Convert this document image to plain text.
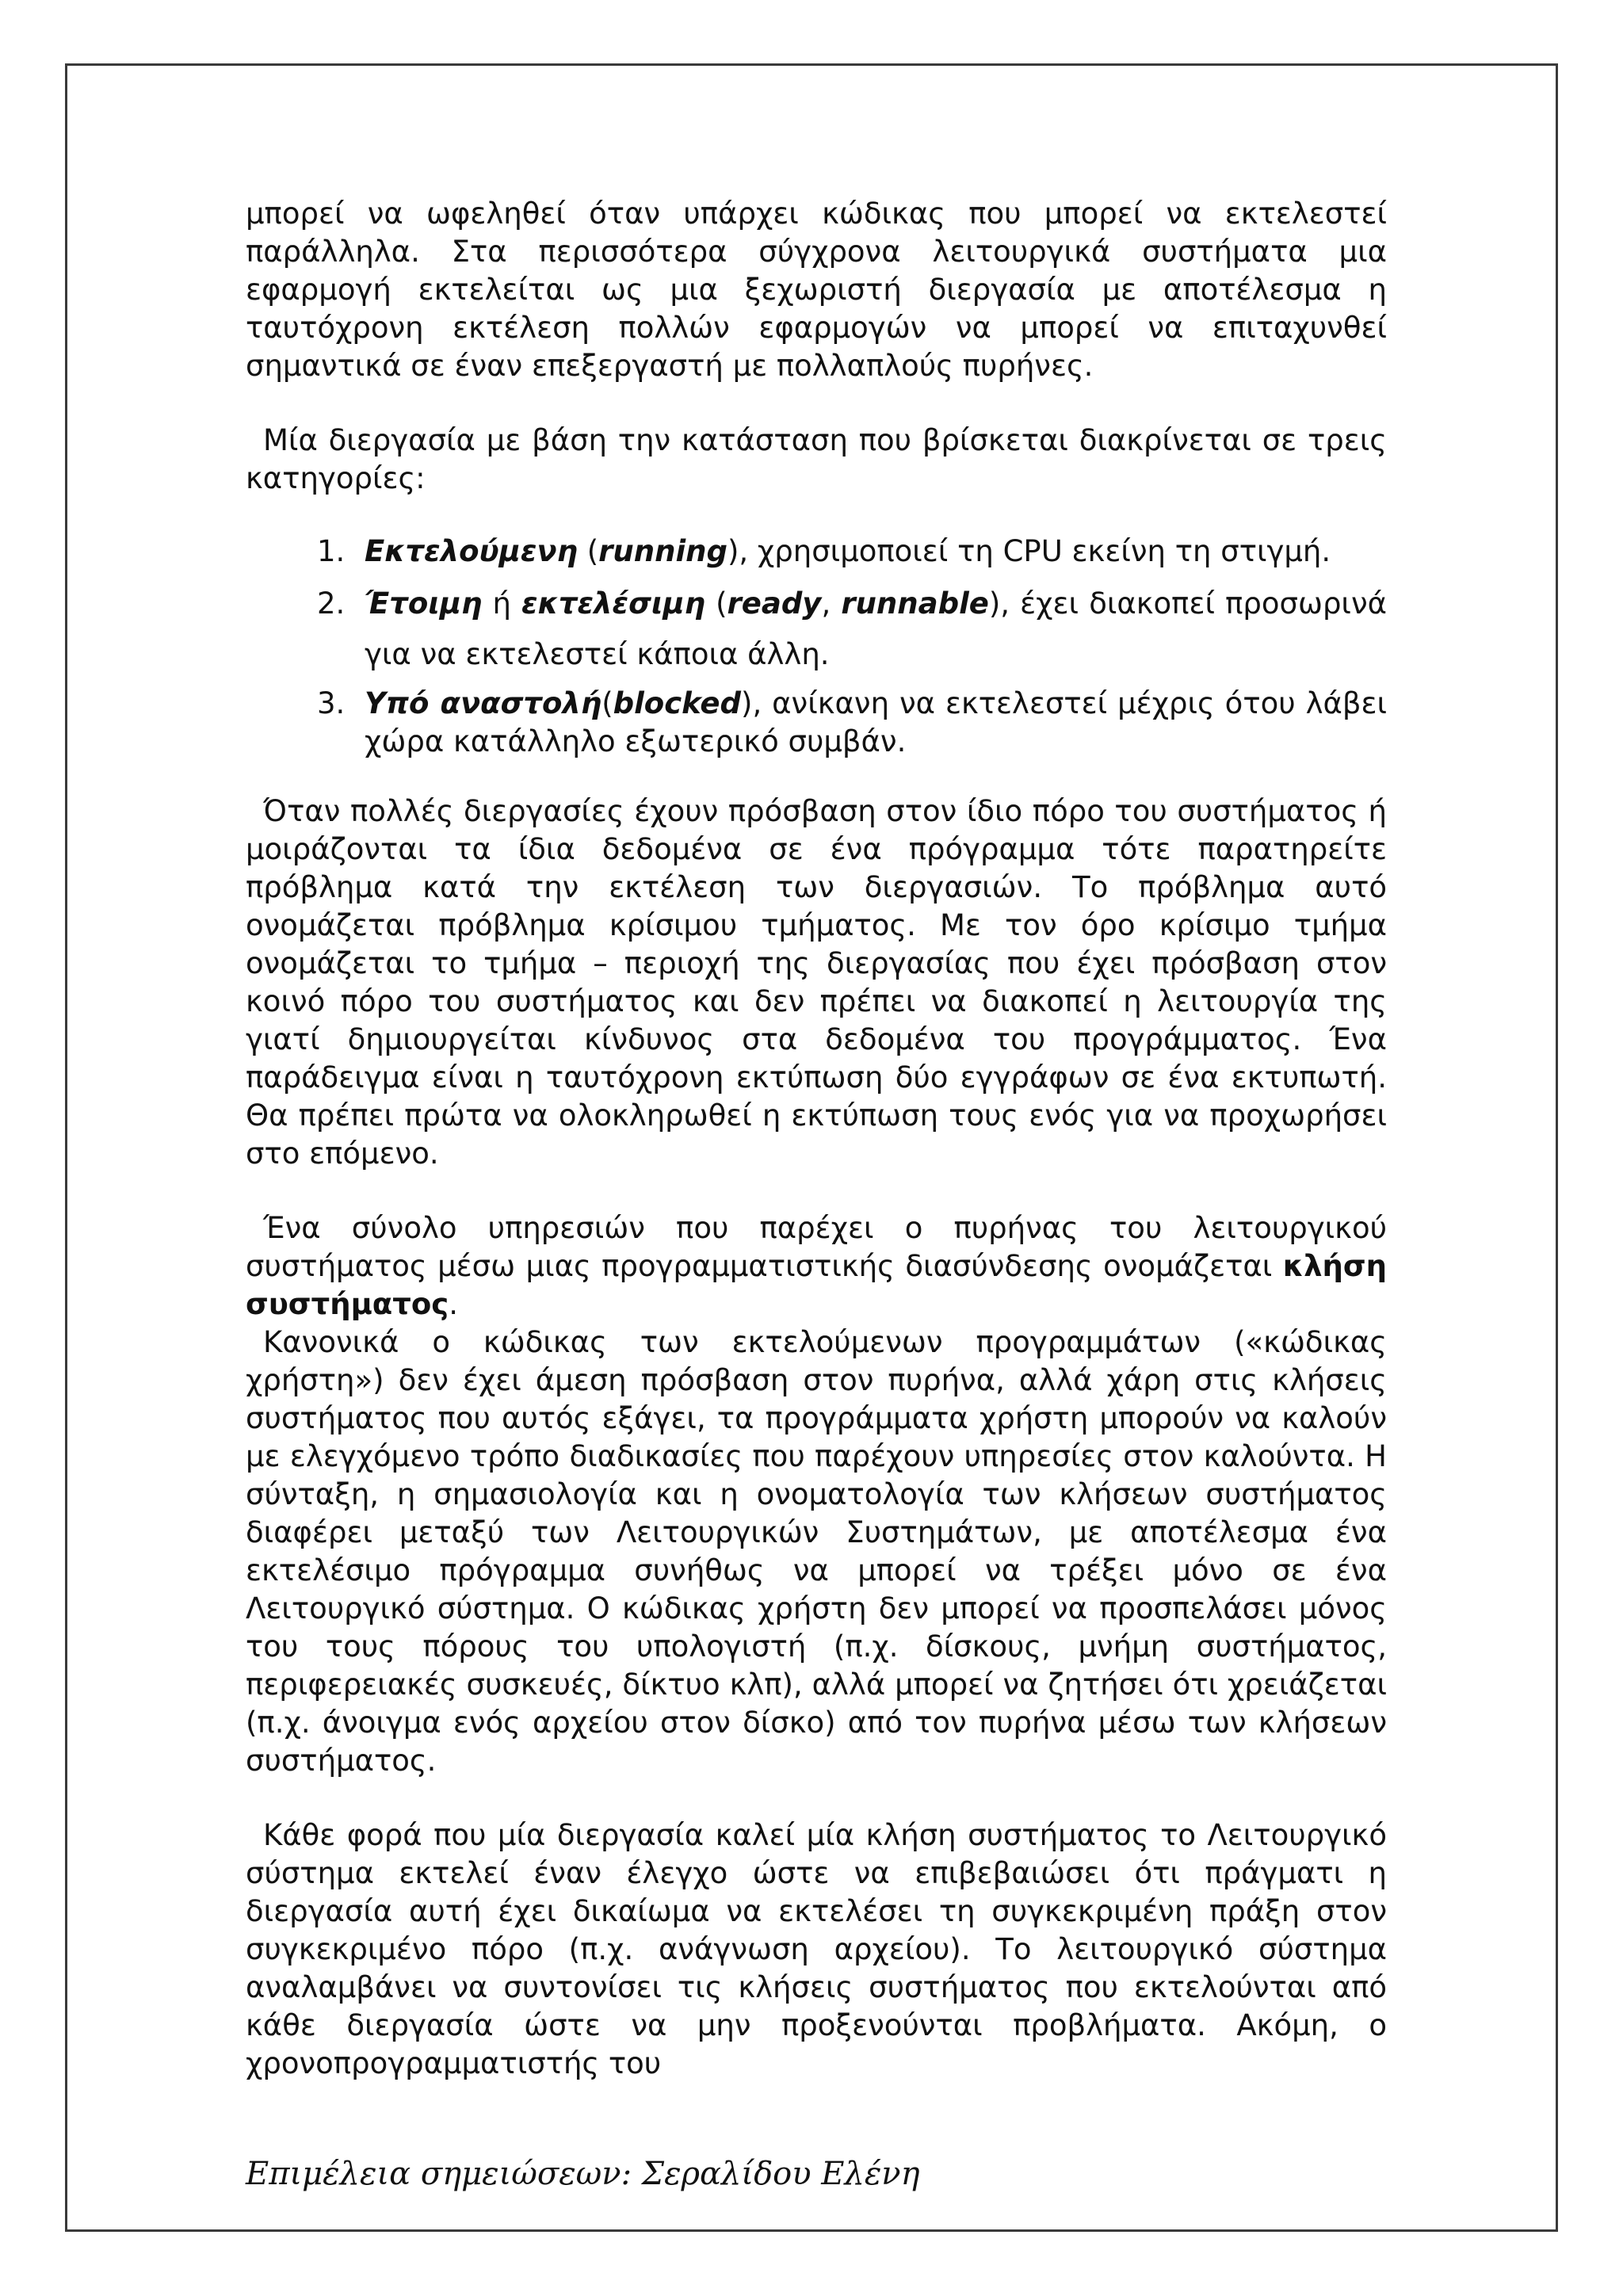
μπορεί να ωφεληθεί όταν υπάρχει κώδικας που μπορεί να εκτελεστεί παράλληλα. Στα περισσότερα σύγχρονα λειτουργικά συστήματα μια εφαρμογή εκτελείται ως μια ξεχωριστή διεργασία με αποτέλεσμα η ταυτόχρονη εκτέλεση πολλών εφαρμογών να μπορεί να επιταχυνθεί σημαντικά σε έναν επεξεργαστή με πολλαπλούς πυρήνες.

Μία διεργασία με βάση την κατάσταση που βρίσκεται διακρίνεται σε τρεις κατηγορίες:

1. Εκτελούμενη (running), χρησιμοποιεί τη CPU εκείνη τη στιγμή.
2. Έτοιμη ή εκτελέσιμη (ready, runnable), έχει διακοπεί προσωρινά για να εκτελεστεί κάποια άλλη.
3. Υπό αναστολή(blocked), ανίκανη να εκτελεστεί μέχρις ότου λάβει χώρα κατάλληλο εξωτερικό συμβάν.

Όταν πολλές διεργασίες έχουν πρόσβαση στον ίδιο πόρο του συστήματος ή μοιράζονται τα ίδια δεδομένα σε ένα πρόγραμμα τότε παρατηρείτε πρόβλημα κατά την εκτέλεση των διεργασιών. Το πρόβλημα αυτό ονομάζεται πρόβλημα κρίσιμου τμήματος. Με τον όρο κρίσιμο τμήμα ονομάζεται το τμήμα – περιοχή της διεργασίας που έχει πρόσβαση στον κοινό πόρο του συστήματος και δεν πρέπει να διακοπεί η λειτουργία της γιατί δημιουργείται κίνδυνος στα δεδομένα του προγράμματος. Ένα παράδειγμα είναι η ταυτόχρονη εκτύπωση δύο εγγράφων σε ένα εκτυπωτή. Θα πρέπει πρώτα να ολοκληρωθεί η εκτύπωση τους ενός για να προχωρήσει στο επόμενο.

Ένα σύνολο υπηρεσιών που παρέχει ο πυρήνας του λειτουργικού συστήματος μέσω μιας προγραμματιστικής διασύνδεσης ονομάζεται κλήση συστήματος.

Κανονικά ο κώδικας των εκτελούμενων προγραμμάτων («κώδικας χρήστη») δεν έχει άμεση πρόσβαση στον πυρήνα, αλλά χάρη στις κλήσεις συστήματος που αυτός εξάγει, τα προγράμματα χρήστη μπορούν να καλούν με ελεγχόμενο τρόπο διαδικασίες που παρέχουν υπηρεσίες στον καλούντα. Η σύνταξη, η σημασιολογία και η ονοματολογία των κλήσεων συστήματος διαφέρει μεταξύ των Λειτουργικών Συστημάτων, με αποτέλεσμα ένα εκτελέσιμο πρόγραμμα συνήθως να μπορεί να τρέξει μόνο σε ένα Λειτουργικό σύστημα. Ο κώδικας χρήστη δεν μπορεί να προσπελάσει μόνος του τους πόρους του υπολογιστή (π.χ. δίσκους, μνήμη συστήματος, περιφερειακές συσκευές, δίκτυο κλπ), αλλά μπορεί να ζητήσει ότι χρειάζεται (π.χ. άνοιγμα ενός αρχείου στον δίσκο) από τον πυρήνα μέσω των κλήσεων συστήματος.

Κάθε φορά που μία διεργασία καλεί μία κλήση συστήματος το Λειτουργικό σύστημα εκτελεί έναν έλεγχο ώστε να επιβεβαιώσει ότι πράγματι η διεργασία αυτή έχει δικαίωμα να εκτελέσει τη συγκεκριμένη πράξη στον συγκεκριμένο πόρο (π.χ. ανάγνωση αρχείου). Το λειτουργικό σύστημα αναλαμβάνει να συντονίσει τις κλήσεις συστήματος που εκτελούνται από κάθε διεργασία ώστε να μην προξενούνται προβλήματα. Ακόμη, ο χρονοπρογραμματιστής του

Επιμέλεια σημειώσεων: Σεραλίδου Ελένη
